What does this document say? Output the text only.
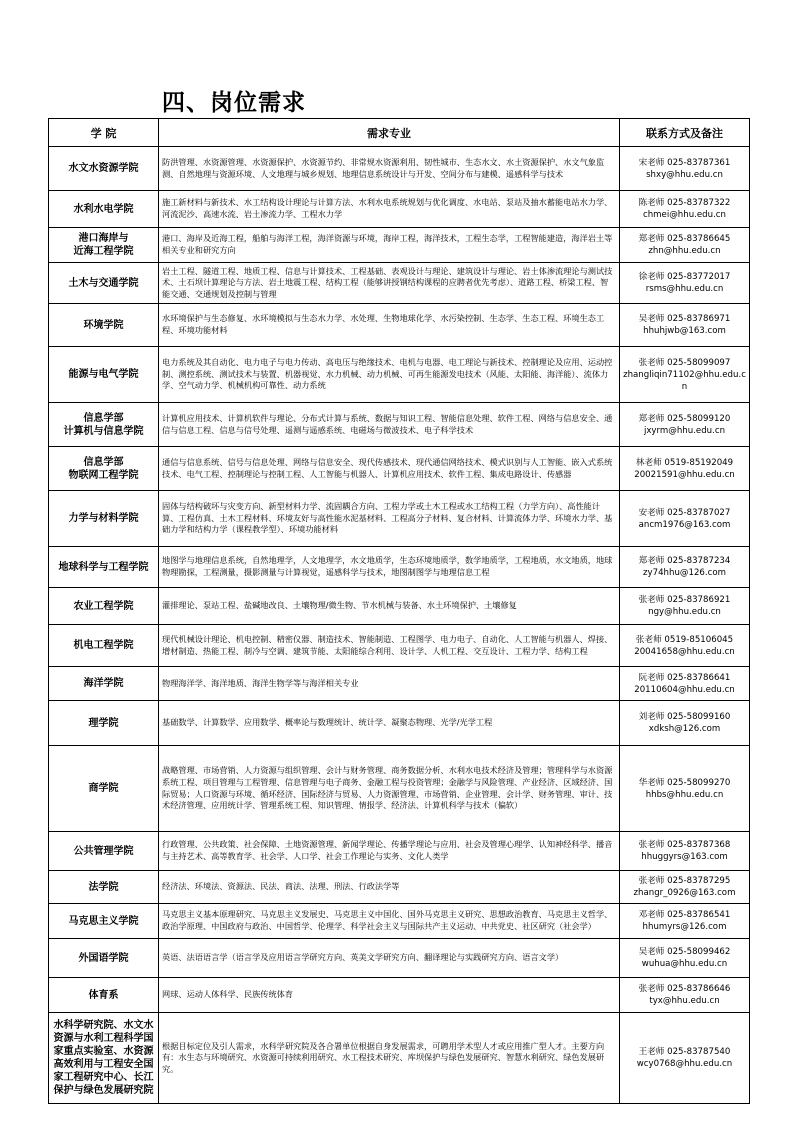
四、岗位需求
学 院	需求专业	联系方式及备注
水文水资源学院	防洪管理、水资源管理、水资源保护、水资源节约、非常规水资源利用、韧性城市、生态水文、水土资源保护、水文气象监测、自然地理与资源环境、人文地理与城乡规划、地理信息系统设计与开发、空间分布与建模、遥感科学与技术	宋老师 025-83787361
shxy@hhu.edu.cn
水利水电学院	施工新材料与新技术、水工结构设计理论与计算方法、水利水电系统规划与优化调度、水电站、泵站及抽水蓄能电站水力学、河流泥沙、高速水流、岩土渗流力学、工程水力学	陈老师 025-83787322
chmei@hhu.edu.cn
港口海岸与
近海工程学院	港口、海岸及近海工程，船舶与海洋工程，海洋资源与环境，海岸工程，海洋技术，工程生态学，工程智能建造，海洋岩土等相关专业和研究方向	郑老师 025-83786645
zhn@hhu.edu.cn
土木与交通学院	岩土工程、隧道工程、地质工程、信息与计算技术、工程基础、表观设计与理论、建筑设计与理论、岩土体渗流理论与测试技术、土石坝计算理论与方法、岩土地震工程、结构工程（能够讲授钢结构课程的应聘者优先考虑）、道路工程、桥梁工程、智能交通、交通规划及控制与管理	徐老师 025-83772017
rsms@hhu.edu.cn
环境学院	水环境保护与生态修复、水环境模拟与生态水力学、水处理、生物地球化学、水污染控制、生态学、生态工程、环境生态工程、环境功能材料	吴老师 025-83786971
hhuhjwb@163.com
能源与电气学院	电力系统及其自动化、电力电子与电力传动、高电压与绝缘技术、电机与电器、电工理论与新技术、控制理论及应用、运动控制、测控系统、测试技术与装置、机器视觉、水力机械、动力机械、可再生能源发电技术（风能、太阳能、海洋能）、流体力学、空气动力学、机械机构可靠性、动力系统	张老师 025-58099097
zhangliqin71102@hhu.edu.cn
信息学部
计算机与信息学院	计算机应用技术、计算机软件与理论、分布式计算与系统、数据与知识工程、智能信息处理、软件工程、网络与信息安全、通信与信息工程、信息与信号处理、遥测与遥感系统、电磁场与微波技术、电子科学技术	郑老师 025-58099120
jxyrm@hhu.edu.cn
信息学部
物联网工程学院	通信与信息系统、信号与信息处理、网络与信息安全、现代传感技术、现代通信网络技术、模式识别与人工智能、嵌入式系统技术、电气工程、控制理论与控制工程、人工智能与机器人、计算机应用技术、软件工程、集成电路设计、传感器	林老师 0519-85192049
20021591@hhu.edu.cn
力学与材料学院	固体与结构破坏与灾变方向、新型材料力学、流固耦合方向、工程力学或土木工程或水工结构工程（力学方向）、高性能计算、工程仿真、土木工程材料、环境友好与高性能水泥基材料、工程高分子材料、复合材料、计算流体力学、环境水力学、基础力学和结构力学（课程教学型）、环境功能材料	安老师 025-83787027
ancm1976@163.com
地球科学与工程学院	地图学与地理信息系统，自然地理学，人文地理学，水文地质学，生态环境地质学，数学地质学，工程地质，水文地质，地球物理勘探，工程测量，摄影测量与计算视觉，遥感科学与技术，地图制图学与地理信息工程	郑老师 025-83787234
zy74hhu@126.com
农业工程学院	灌排理论、泵站工程、盐碱地改良、土壤物理/微生物、节水机械与装备、水土环境保护、土壤修复	张老师 025-83786921
ngy@hhu.edu.cn
机电工程学院	现代机械设计理论、机电控制、精密仪器、制造技术、智能制造、工程图学、电力电子、自动化、人工智能与机器人、焊接、增材制造、热能工程、制冷与空调、建筑节能、太阳能综合利用、设计学、人机工程、交互设计、工程力学、结构工程	张老师 0519-85106045
20041658@hhu.edu.cn
海洋学院	物理海洋学、海洋地质、海洋生物学等与海洋相关专业	阮老师 025-83786641
20110604@hhu.edu.cn
理学院	基础数学、计算数学、应用数学、概率论与数理统计、统计学、凝聚态物理、光学/光学工程	刘老师 025-58099160
xdksh@126.com
商学院	战略管理、市场营销、人力资源与组织管理、会计与财务管理、商务数据分析、水利水电技术经济及管理；管理科学与水资源系统工程、项目管理与工程管理、信息管理与电子商务、金融工程与投资管理；金融学与风险管理、产业经济、区域经济、国际贸易；人口资源与环境、循环经济、国际经济与贸易、人力资源管理、市场营销、企业管理、会计学、财务管理、审计、技术经济管理、应用统计学、管理系统工程、知识管理、情报学、经济法、计算机科学与技术（偏软）	华老师 025-58099270
hhbs@hhu.edu.cn
公共管理学院	行政管理、公共政策、社会保障、土地资源管理、新闻学理论、传播学理论与应用、社会及管理心理学、认知神经科学、播音与主持艺术、高等教育学、社会学、人口学、社会工作理论与实务、文化人类学	张老师 025-83787368
hhuggyrs@163.com
法学院	经济法、环境法、资源法、民法、商法、法理、刑法、行政法学等	张老师 025-83787295
zhangr_0926@163.com
马克思主义学院	马克思主义基本原理研究、马克思主义发展史、马克思主义中国化、国外马克思主义研究、思想政治教育、马克思主义哲学、政治学原理、中国政府与政治、中国哲学、伦理学、科学社会主义与国际共产主义运动、中共党史、社区研究（社会学）	邓老师 025-83786541
hhumyrs@126.com
外国语学院	英语、法语语言学（语言学及应用语言学研究方向、英美文学研究方向、翻译理论与实践研究方向、语言文学）	吴老师 025-58099462
wuhua@hhu.edu.cn
体育系	网球、运动人体科学、民族传统体育	张老师 025-83786646
tyx@hhu.edu.cn
水科学研究院、水文水资源与水利工程科学国家重点实验室、水资源高效利用与工程安全国家工程研究中心、长江保护与绿色发展研究院	根据目标定位及引人需求，水科学研究院及各合署单位根据自身发展需求，可聘用学术型人才或应用推广型人才。主要方向有：水生态与环境研究、水资源可持续利用研究、水工程技术研究、库坝保护与绿色发展研究、智慧水利研究、绿色发展研究。	王老师 025-83787540
wcy0768@hhu.edu.cn
